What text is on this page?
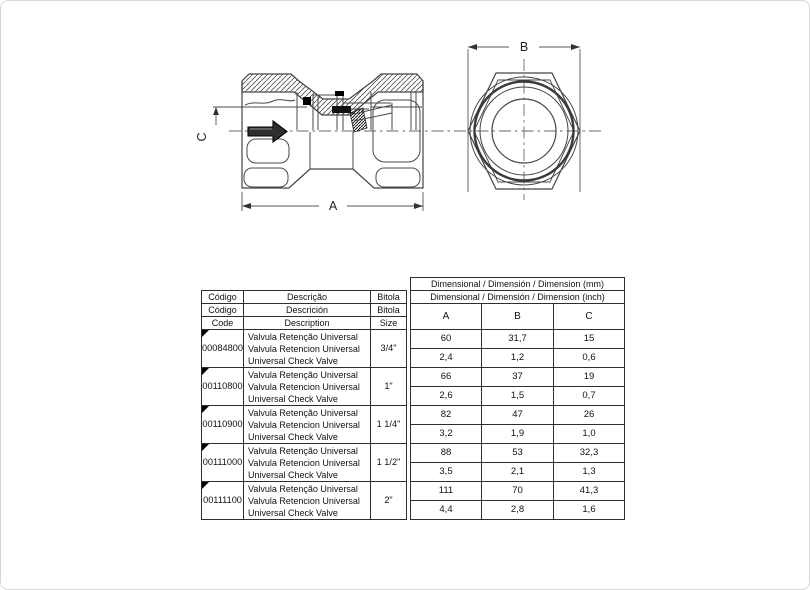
C
A
B
Código	Descrição	Bitola
Código	Descrición	Bitola
Code	Description	Size
00084800	Valvula Retenção Universal
Valvula Retencion Universal
Universal Check Valve	3/4"
00110800	Valvula Retenção Universal
Valvula Retencion Universal
Universal Check Valve	1"
00110900	Valvula Retenção Universal
Valvula Retencion Universal
Universal Check Valve	1 1/4"
00111000	Valvula Retenção Universal
Valvula Retencion Universal
Universal Check Valve	1 1/2"
00111100	Valvula Retenção Universal
Valvula Retencion Universal
Universal Check Valve	2"
Dimensional / Dimensión / Dimension (mm)		
Dimensional / Dimensión / Dimension (inch)		
A	B	C
60	31,7	15
2,4	1,2	0,6
66	37	19
2,6	1,5	0,7
82	47	26
3,2	1,9	1,0
88	53	32,3
3,5	2,1	1,3
111	70	41,3
4,4	2,8	1,6
